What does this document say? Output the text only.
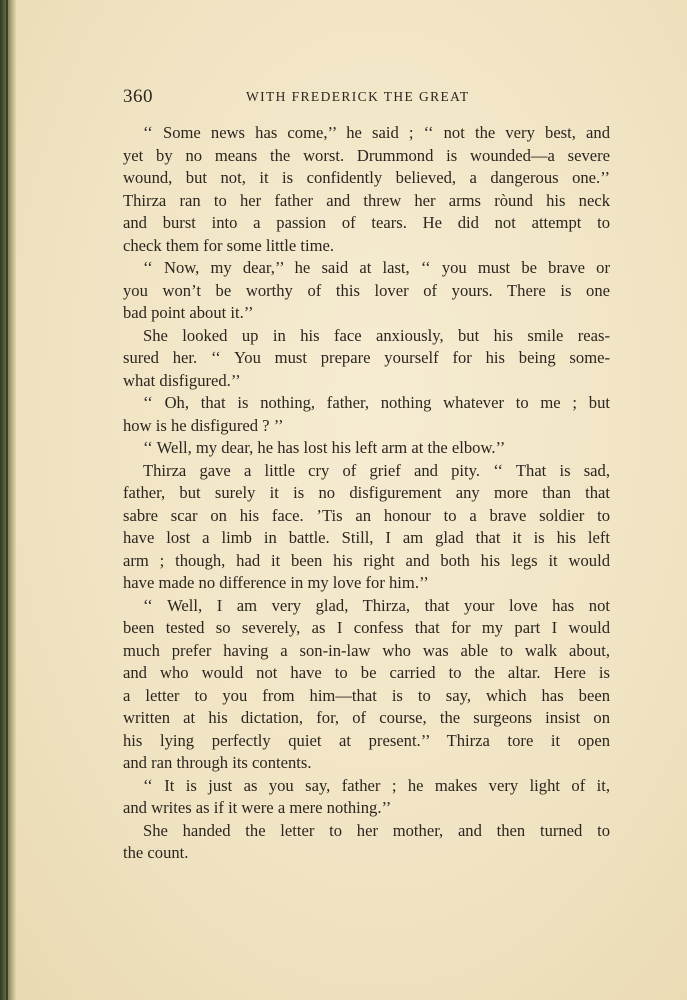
360	WITH FREDERICK THE GREAT
‘‘ Some news has come,’’ he said ; ‘‘ not the very best, and
yet by no means the worst. Drummond is wounded—a severe
wound, but not, it is confidently believed, a dangerous one.’’
Thirza ran to her father and threw her arms ròund his neck
and burst into a passion of tears. He did not attempt to
check them for some little time.
‘‘ Now, my dear,’’ he said at last, ‘‘ you must be brave or
you won’t be worthy of this lover of yours. There is one
bad point about it.’’
She looked up in his face anxiously, but his smile reas-
sured her. ‘‘ You must prepare yourself for his being some-
what disfigured.’’
‘‘ Oh, that is nothing, father, nothing whatever to me ; but
how is he disfigured ? ’’
‘‘ Well, my dear, he has lost his left arm at the elbow.’’
Thirza gave a little cry of grief and pity. ‘‘ That is sad,
father, but surely it is no disfigurement any more than that
sabre scar on his face. ’Tis an honour to a brave soldier to
have lost a limb in battle. Still, I am glad that it is his left
arm ; though, had it been his right and both his legs it would
have made no difference in my love for him.’’
‘‘ Well, I am very glad, Thirza, that your love has not
been tested so severely, as I confess that for my part I would
much prefer having a son-in-law who was able to walk about,
and who would not have to be carried to the altar. Here is
a letter to you from him—that is to say, which has been
written at his dictation, for, of course, the surgeons insist on
his lying perfectly quiet at present.’’ Thirza tore it open
and ran through its contents.
‘‘ It is just as you say, father ; he makes very light of it,
and writes as if it were a mere nothing.’’
She handed the letter to her mother, and then turned to
the count.
